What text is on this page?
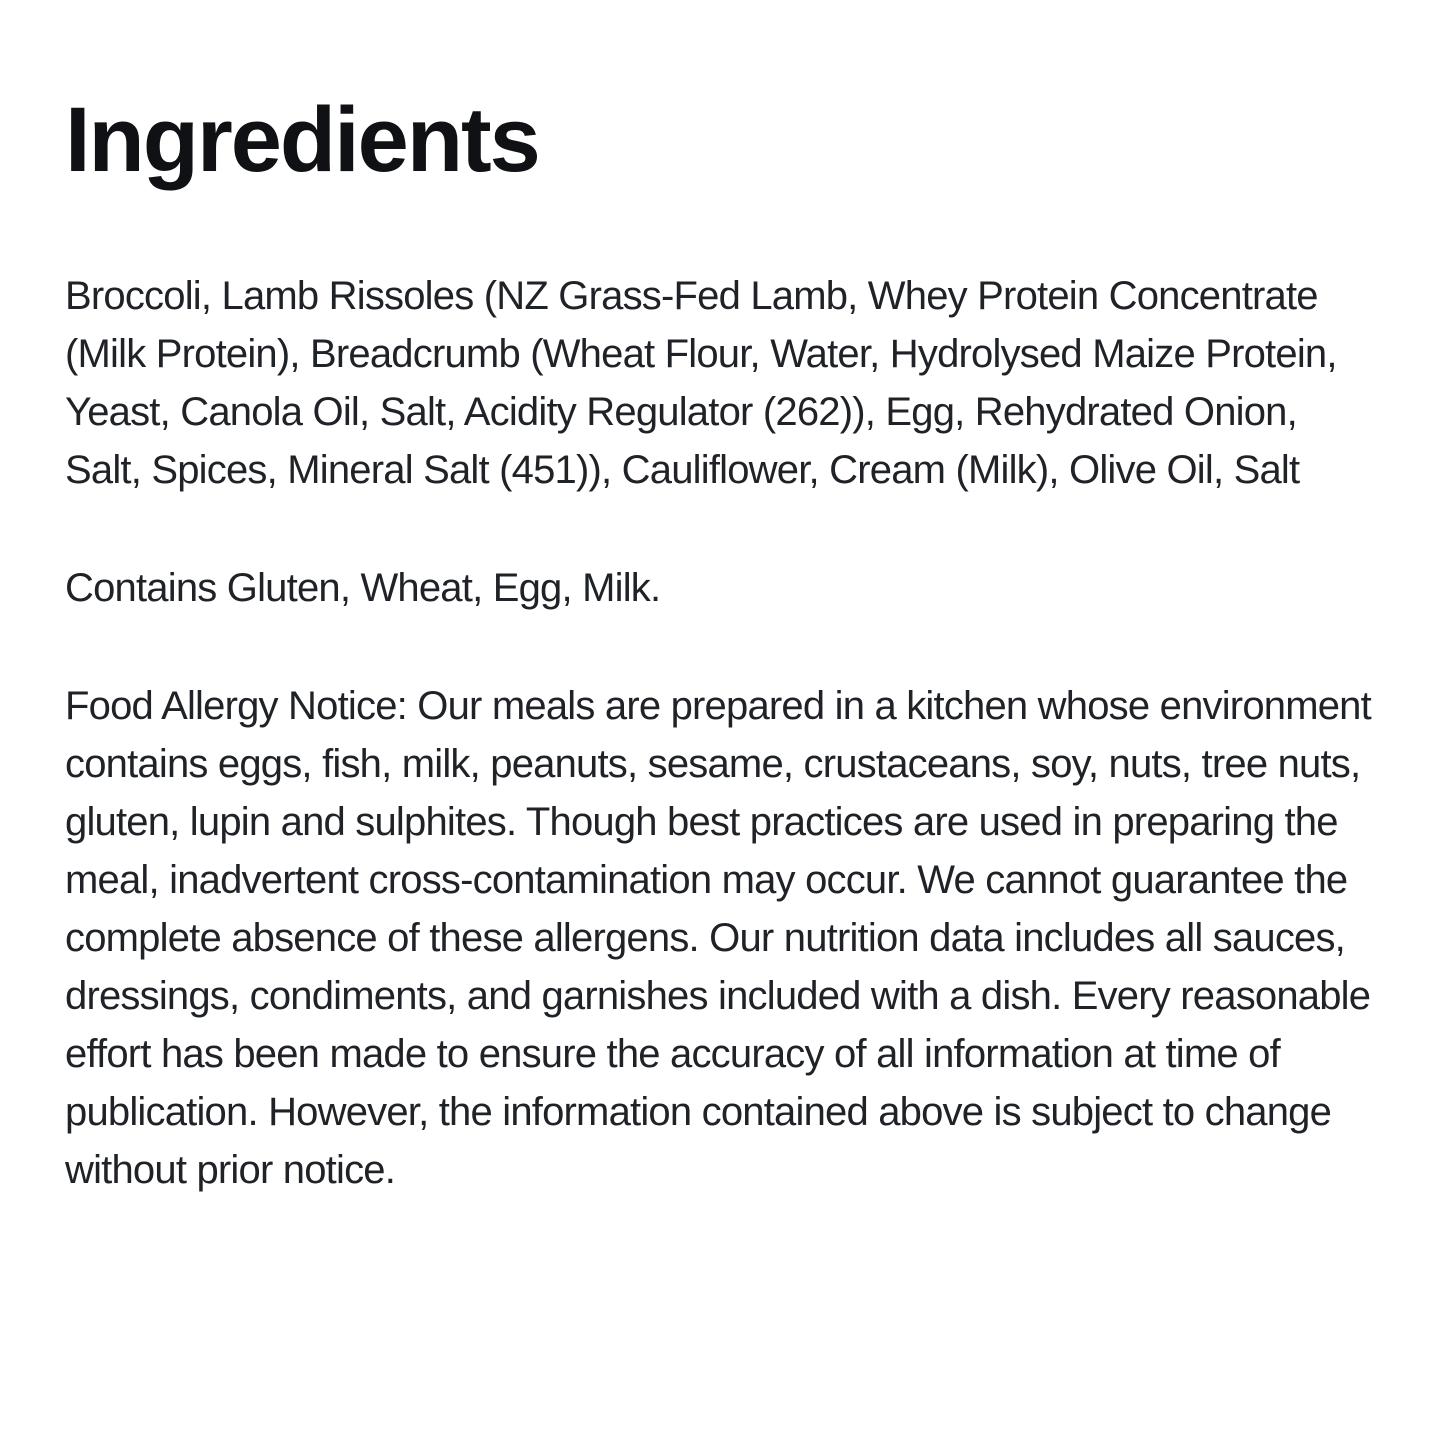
Ingredients

Broccoli, Lamb Rissoles (NZ Grass-Fed Lamb, Whey Protein Concentrate (Milk Protein), Breadcrumb (Wheat Flour, Water, Hydrolysed Maize Protein, Yeast, Canola Oil, Salt, Acidity Regulator (262)), Egg, Rehydrated Onion, Salt, Spices, Mineral Salt (451)), Cauliflower, Cream (Milk), Olive Oil, Salt

Contains Gluten, Wheat, Egg, Milk.

Food Allergy Notice: Our meals are prepared in a kitchen whose environment contains eggs, fish, milk, peanuts, sesame, crustaceans, soy, nuts, tree nuts, gluten, lupin and sulphites. Though best practices are used in preparing the meal, inadvertent cross-contamination may occur. We cannot guarantee the complete absence of these allergens. Our nutrition data includes all sauces, dressings, condiments, and garnishes included with a dish. Every reasonable effort has been made to ensure the accuracy of all information at time of publication. However, the information contained above is subject to change without prior notice.
